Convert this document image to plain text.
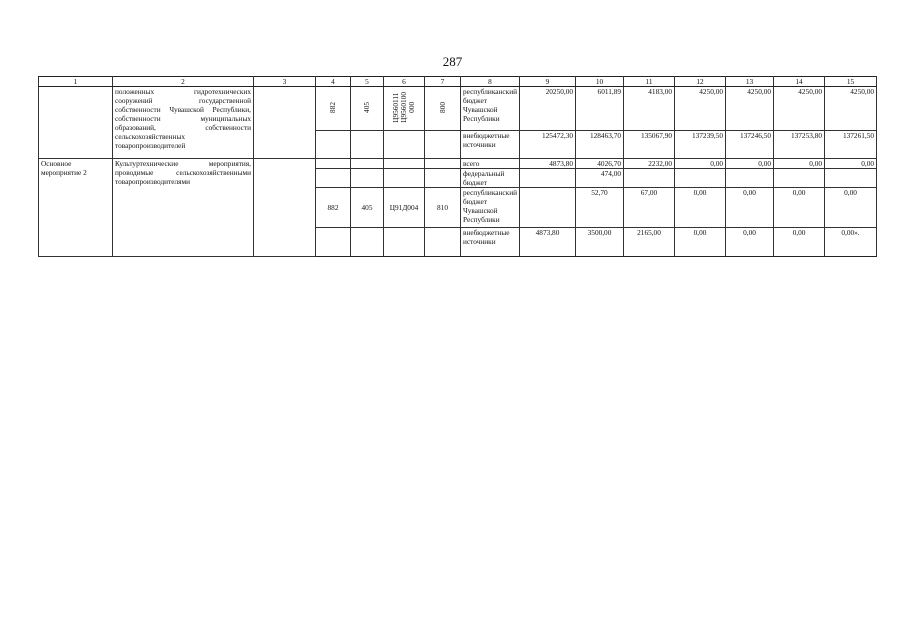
287
1	2	3	4	5	6	7	8	9	10	11	12	13	14	15
	положенных гидротехнических сооружений государственной собственности Чувашской Республики, собственности муниципальных образований, собственности сельскохозяйственных товаропроизводителей		882	405	Ц9560111
Ц9560100
000	800	республиканский бюджет Чувашской Республики	20250,00	6011,89	4183,00	4250,00	4250,00	4250,00	4250,00
							внебюджетные источники	125472,30	128463,70	135067,90	137239,50	137246,50	137253,80	137261,50
Основное мероприятие 2	Культуртехнические мероприятия, проводимые сельскохозяйственными товаропроизводителями						всего	4873,80	4026,70	2232,00	0,00	0,00	0,00	0,00
							федеральный бюджет		474,00					
			882	405	Ц91Д004	810	республиканский бюджет Чувашской Республики		52,70	67,00	0,00	0,00	0,00	0,00
							внебюджетные источники	4873,80	3500,00	2165,00	0,00	0,00	0,00	0,00».
